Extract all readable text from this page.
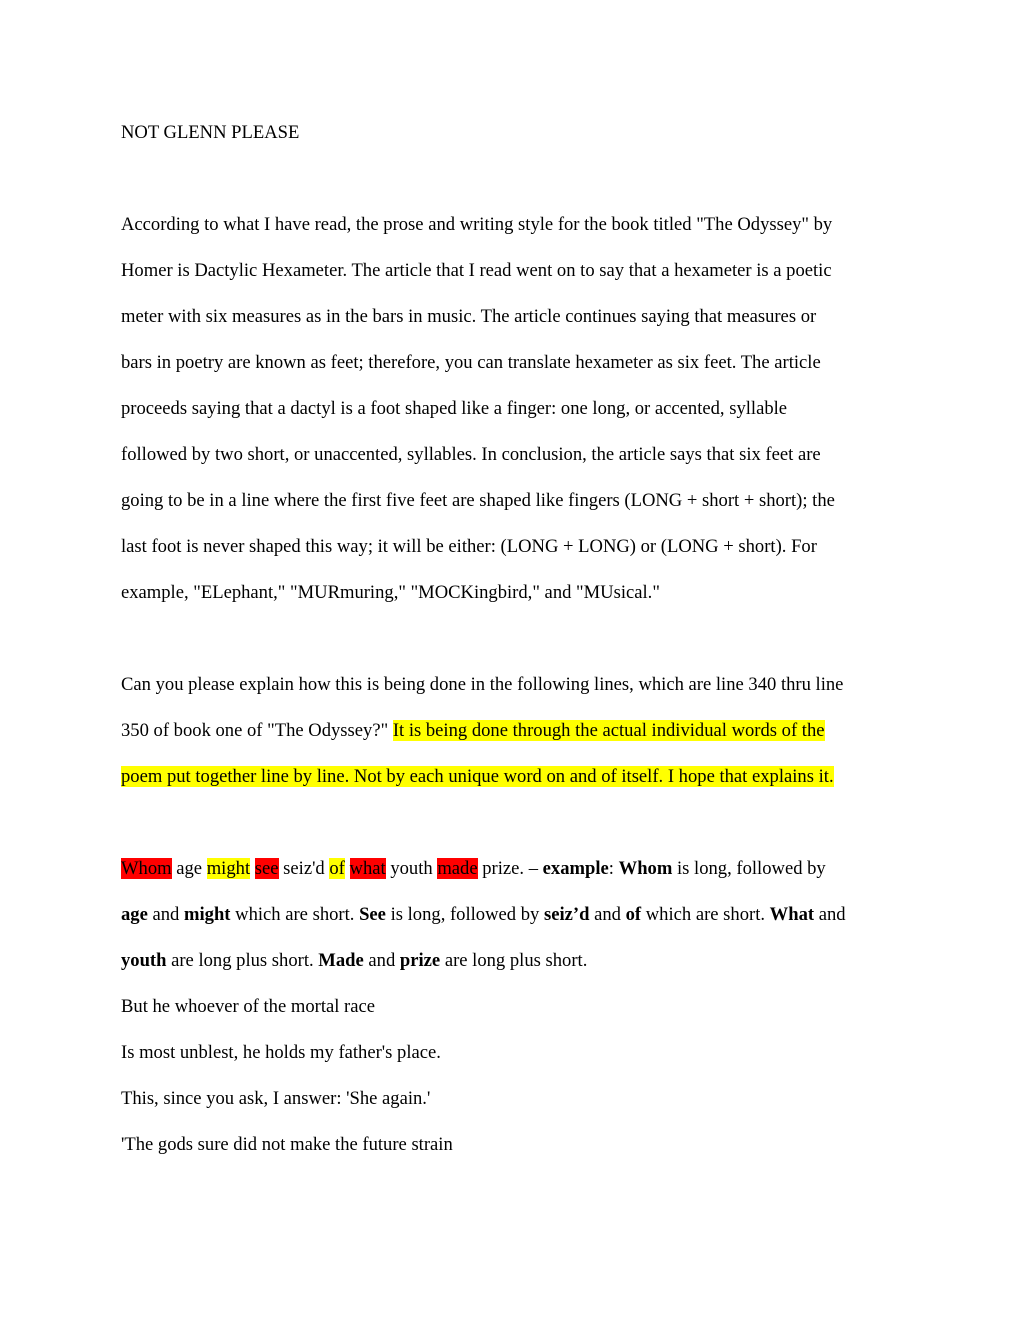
NOT GLENN PLEASE
According to what I have read, the prose and writing style for the book titled "The Odyssey" by
Homer is Dactylic Hexameter. The article that I read went on to say that a hexameter is a poetic
meter with six measures as in the bars in music. The article continues saying that measures or
bars in poetry are known as feet; therefore, you can translate hexameter as six feet. The article
proceeds saying that a dactyl is a foot shaped like a finger: one long, or accented, syllable
followed by two short, or unaccented, syllables. In conclusion, the article says that six feet are
going to be in a line where the first five feet are shaped like fingers (LONG + short + short); the
last foot is never shaped this way; it will be either: (LONG + LONG) or (LONG + short). For
example, "ELephant," "MURmuring," "MOCKingbird," and "MUsical."
Can you please explain how this is being done in the following lines, which are line 340 thru line
350 of book one of "The Odyssey?" It is being done through the actual individual words of the
poem put together line by line. Not by each unique word on and of itself. I hope that explains it.
Whom age might see seiz'd of what youth made prize. – example: Whom is long, followed by
age and might which are short. See is long, followed by seiz’d and of which are short. What and
youth are long plus short. Made and prize are long plus short.
But he whoever of the mortal race
Is most unblest, he holds my father's place.
This, since you ask, I answer: 'She again.'
'The gods sure did not make the future strain
